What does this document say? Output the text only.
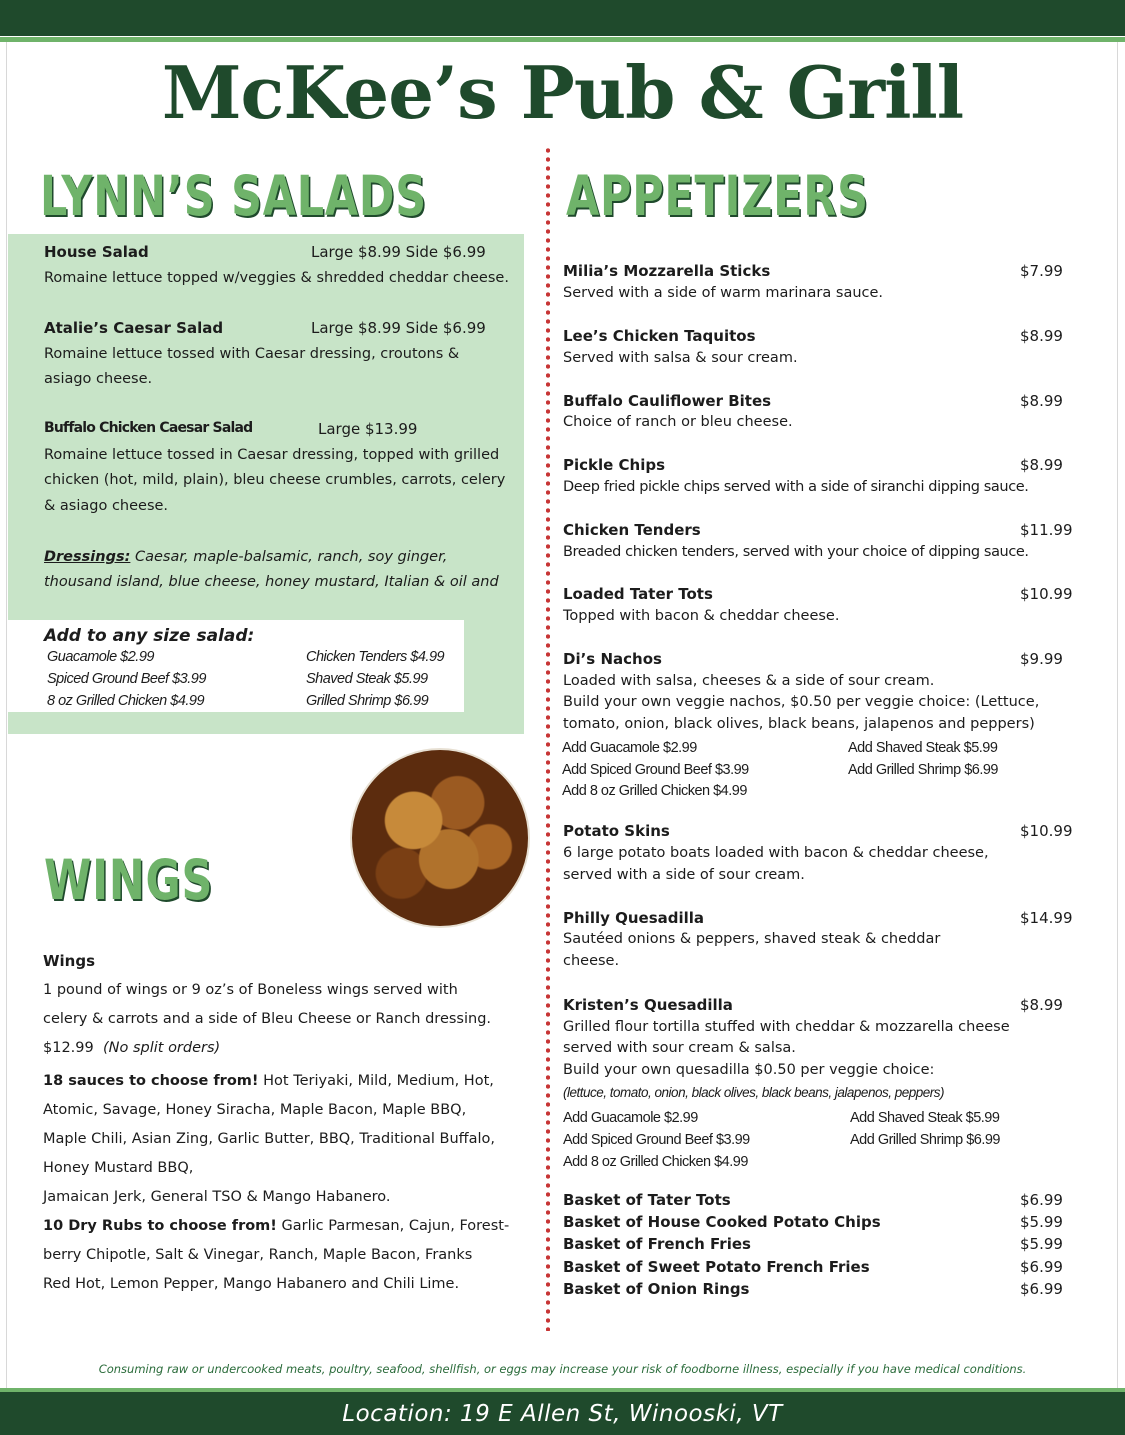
McKee’s Pub & Grill
LYNN’S SALADS
House Salad	Large $8.99 Side $6.99
Romaine lettuce topped w/veggies & shredded cheddar cheese.
Atalie’s Caesar Salad	Large $8.99 Side $6.99
Romaine lettuce tossed with Caesar dressing, croutons &
asiago cheese.
Buffalo Chicken Caesar Salad	Large $13.99
Romaine lettuce tossed in Caesar dressing, topped with grilled
chicken (hot, mild, plain), bleu cheese crumbles, carrots, celery
& asiago cheese.
Dressings: Caesar, maple-balsamic, ranch, soy ginger,
thousand island, blue cheese, honey mustard, Italian & oil and
Add to any size salad:
Guacamole $2.99
Spiced Ground Beef $3.99
8 oz Grilled Chicken $4.99
Chicken Tenders $4.99
Shaved Steak $5.99
Grilled Shrimp $6.99
WINGS
Wings
1 pound of wings or 9 oz’s of Boneless wings served with
celery & carrots and a side of Bleu Cheese or Ranch dressing.
$12.99 (No split orders)
18 sauces to choose from! Hot Teriyaki, Mild, Medium, Hot,
Atomic, Savage, Honey Siracha, Maple Bacon, Maple BBQ,
Maple Chili, Asian Zing, Garlic Butter, BBQ, Traditional Buffalo,
Honey Mustard BBQ,
Jamaican Jerk, General TSO & Mango Habanero.
10 Dry Rubs to choose from! Garlic Parmesan, Cajun, Forest-
berry Chipotle, Salt & Vinegar, Ranch, Maple Bacon, Franks
Red Hot, Lemon Pepper, Mango Habanero and Chili Lime.
APPETIZERS
Milia’s Mozzarella Sticks	$7.99
Served with a side of warm marinara sauce.
Lee’s Chicken Taquitos	$8.99
Served with salsa & sour cream.
Buffalo Cauliflower Bites	$8.99
Choice of ranch or bleu cheese.
Pickle Chips	$8.99
Deep fried pickle chips served with a side of siranchi dipping sauce.
Chicken Tenders	$11.99
Breaded chicken tenders, served with your choice of dipping sauce.
Loaded Tater Tots	$10.99
Topped with bacon & cheddar cheese.
Di’s Nachos	$9.99
Loaded with salsa, cheeses & a side of sour cream.
Build your own veggie nachos, $0.50 per veggie choice: (Lettuce,
tomato, onion, black olives, black beans, jalapenos and peppers)
Add Guacamole $2.99
Add Spiced Ground Beef $3.99
Add 8 oz Grilled Chicken $4.99
Add Shaved Steak $5.99
Add Grilled Shrimp $6.99
Potato Skins	$10.99
6 large potato boats loaded with bacon & cheddar cheese,
served with a side of sour cream.
Philly Quesadilla	$14.99
Sautéed onions & peppers, shaved steak & cheddar
cheese.
Kristen’s Quesadilla	$8.99
Grilled flour tortilla stuffed with cheddar & mozzarella cheese
served with sour cream & salsa.
Build your own quesadilla $0.50 per veggie choice:
(lettuce, tomato, onion, black olives, black beans, jalapenos, peppers)
Add Guacamole $2.99
Add Spiced Ground Beef $3.99
Add 8 oz Grilled Chicken $4.99
Add Shaved Steak $5.99
Add Grilled Shrimp $6.99
Basket of Tater Tots	$6.99
Basket of House Cooked Potato Chips	$5.99
Basket of French Fries	$5.99
Basket of Sweet Potato French Fries	$6.99
Basket of Onion Rings	$6.99
Consuming raw or undercooked meats, poultry, seafood, shellfish, or eggs may increase your risk of foodborne illness, especially if you have medical conditions.
Location: 19 E Allen St, Winooski, VT
